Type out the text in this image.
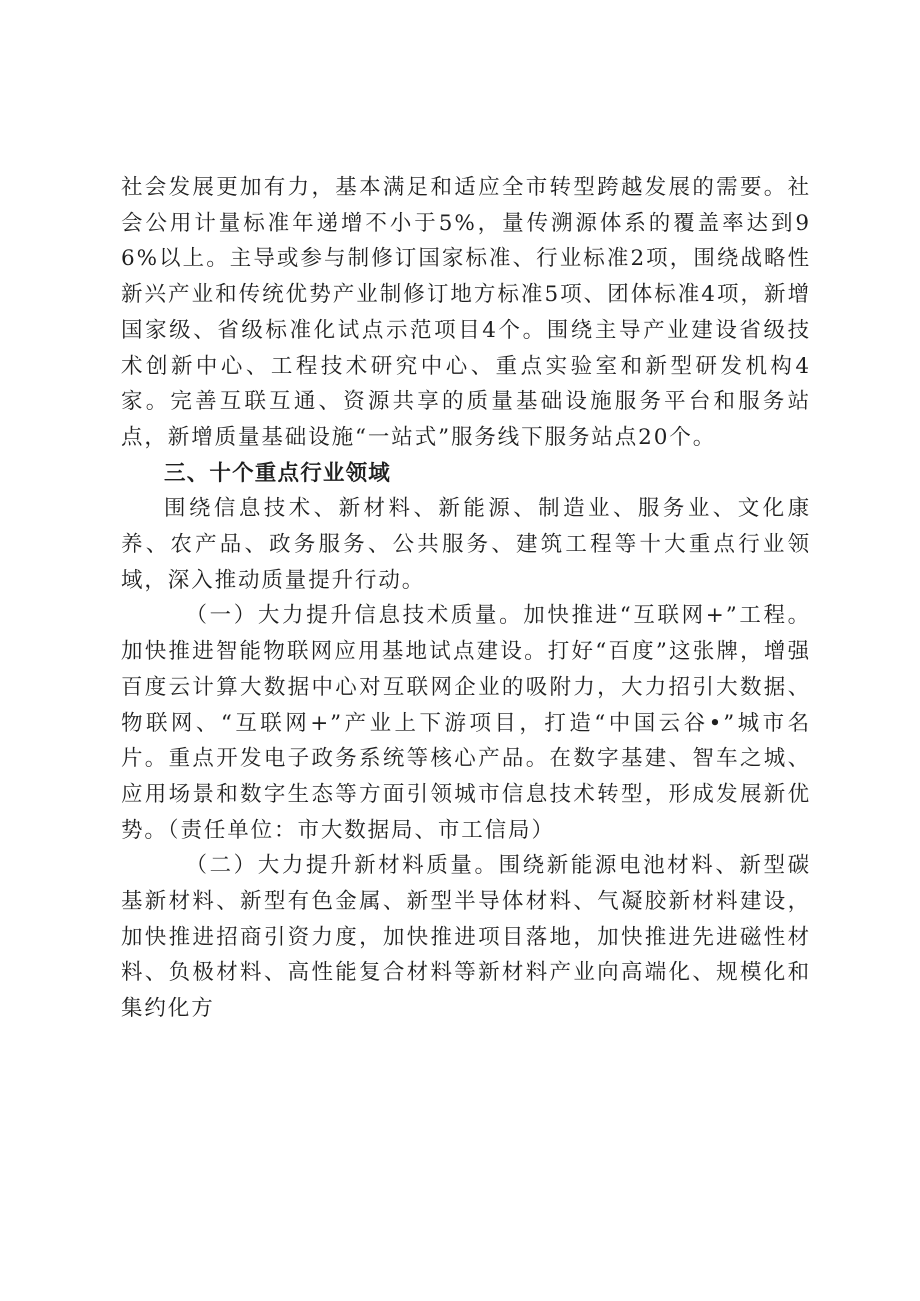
社会发展更加有力，基本满足和适应全市转型跨越发展的需要。社会公用计量标准年递增不小于5%，量传溯源体系的覆盖率达到96%以上。主导或参与制修订国家标准、行业标准2项，围绕战略性新兴产业和传统优势产业制修订地方标准5项、团体标准4项，新增国家级、省级标准化试点示范项目4个。围绕主导产业建设省级技术创新中心、工程技术研究中心、重点实验室和新型研发机构4家。完善互联互通、资源共享的质量基础设施服务平台和服务站点，新增质量基础设施“一站式”服务线下服务站点20个。

三、十个重点行业领域

围绕信息技术、新材料、新能源、制造业、服务业、文化康养、农产品、政务服务、公共服务、建筑工程等十大重点行业领域，深入推动质量提升行动。

（一）大力提升信息技术质量。加快推进“互联网+”工程。加快推进智能物联网应用基地试点建设。打好“百度”这张牌，增强百度云计算大数据中心对互联网企业的吸附力，大力招引大数据、物联网、“互联网+”产业上下游项目，打造“中国云谷•”城市名片。重点开发电子政务系统等核心产品。在数字基建、智车之城、应用场景和数字生态等方面引领城市信息技术转型，形成发展新优势。（责任单位：市大数据局、市工信局）

（二）大力提升新材料质量。围绕新能源电池材料、新型碳基新材料、新型有色金属、新型半导体材料、气凝胶新材料建设，加快推进招商引资力度，加快推进项目落地，加快推进先进磁性材料、负极材料、高性能复合材料等新材料产业向高端化、规模化和集约化方
